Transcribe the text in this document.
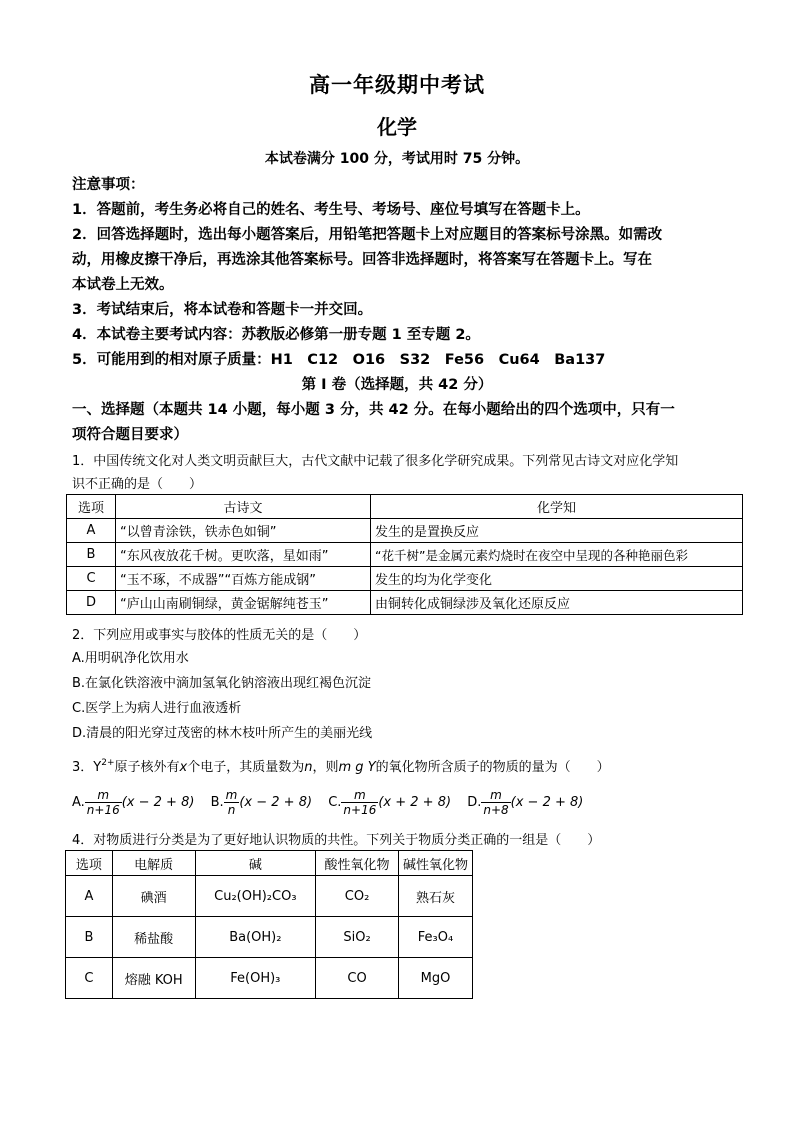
高一年级期中考试
化学
本试卷满分 100 分，考试用时 75 分钟。
注意事项：
1．答题前，考生务必将自己的姓名、考生号、考场号、座位号填写在答题卡上。
2．回答选择题时，选出每小题答案后，用铅笔把答题卡上对应题目的答案标号涂黑。如需改
动，用橡皮擦干净后，再选涂其他答案标号。回答非选择题时，将答案写在答题卡上。写在
本试卷上无效。
3．考试结束后，将本试卷和答题卡一并交回。
4．本试卷主要考试内容：苏教版必修第一册专题 1 至专题 2。
5．可能用到的相对原子质量：H1　C12　O16　S32　Fe56　Cu64　Ba137
第 I 卷（选择题，共 42 分）
一、选择题（本题共 14 小题，每小题 3 分，共 42 分。在每小题给出的四个选项中，只有一
项符合题目要求）
1．中国传统文化对人类文明贡献巨大，古代文献中记载了很多化学研究成果。下列常见古诗文对应化学知
识不正确的是（　　）
选项	古诗文	化学知
A	“以曾青涂铁，铁赤色如铜”	发生的是置换反应
B	“东风夜放花千树。更吹落，星如雨”	“花千树”是金属元素灼烧时在夜空中呈现的各种艳丽色彩
C	“玉不琢，不成器”“百炼方能成钢”	发生的均为化学变化
D	“庐山山南刷铜绿，黄金锯解纯苍玉”	由铜转化成铜绿涉及氧化还原反应
2．下列应用或事实与胶体的性质无关的是（　　）
A.用明矾净化饮用水
B.在氯化铁溶液中滴加氢氧化钠溶液出现红褐色沉淀
C.医学上为病人进行血液透析
D.清晨的阳光穿过茂密的林木枝叶所产生的美丽光线
3．$Y^{2+}$原子核外有x个电子，其质量数为n，则m g Y的氧化物所含质子的物质的量为（　　）
A. $\frac{m}{n+16} (x - 2 + 8)$ B. $\frac{m}{n} (x - 2 + 8)$ C. $\frac{m}{n+16} (x + 2 + 8)$ D. $\frac{m}{n+8} (x - 2 + 8)$
4．对物质进行分类是为了更好地认识物质的共性。下列关于物质分类正确的一组是（　　）
选项	电解质	碱	酸性氧化物	碱性氧化物
A	碘酒	Cu₂(OH)₂CO₃	CO₂	熟石灰
B	稀盐酸	Ba(OH)₂	SiO₂	Fe₃O₄
C	熔融 KOH	Fe(OH)₃	CO	MgO
